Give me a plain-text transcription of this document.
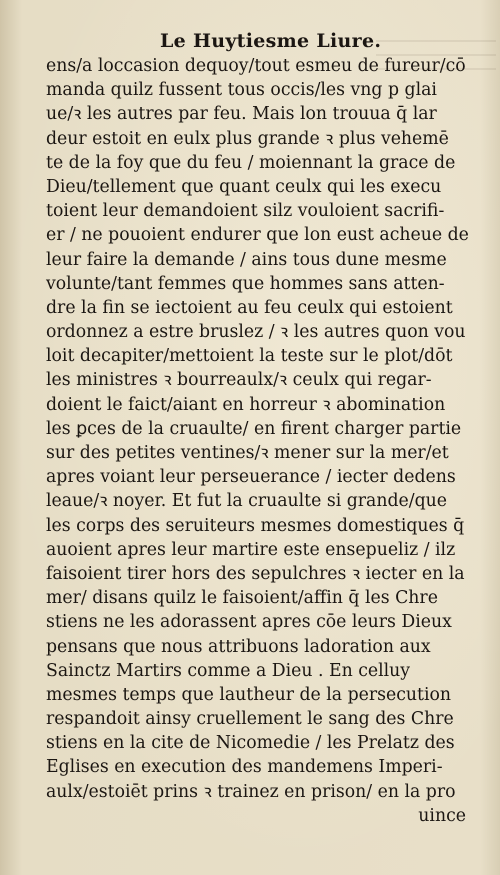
Le Huytiesme Liure.
ens/a loccasion dequoy/tout esmeu de fureur/cō
manda quilz fussent tous occis/les vng p glai
ue/ꝛ les autres par feu. Mais lon trouua q̄ lar
deur estoit en eulx plus grande ꝛ plus vehemē
te de la foy que du feu / moiennant la grace de
Dieu/tellement que quant ceulx qui les execu
toient leur demandoient silz vouloient sacrifi-
er / ne pouoient endurer que lon eust acheue de
leur faire la demande / ains tous dune mesme
volunte/tant femmes que hommes sans atten-
dre la fin se iectoient au feu ceulx qui estoient
ordonnez a estre bruslez / ꝛ les autres quon vou
loit decapiter/mettoient la teste sur le plot/dōt
les ministres ꝛ bourreaulx/ꝛ ceulx qui regar-
doient le faict/aiant en horreur ꝛ abomination
les ꝑces de la cruaulte/ en firent charger partie
sur des petites ventines/ꝛ mener sur la mer/et
apres voiant leur perseuerance / iecter dedens
leaue/ꝛ noyer. Et fut la cruaulte si grande/que
les corps des seruiteurs mesmes domestiques q̄
auoient apres leur martire este ensepueliz / ilz
faisoient tirer hors des sepulchres ꝛ iecter en la
mer/ disans quilz le faisoient/affin q̄ les Chre
stiens ne les adorassent apres cōe leurs Dieux
pensans que nous attribuons ladoration aux
Sainctz Martirs comme a Dieu . En celluy
mesmes temps que lautheur de la persecution
respandoit ainsy cruellement le sang des Chre
stiens en la cite de Nicomedie / les Prelatz des
Eglises en execution des mandemens Imperi-
aulx/estoiēt prins ꝛ trainez en prison/ en la pro
uince
